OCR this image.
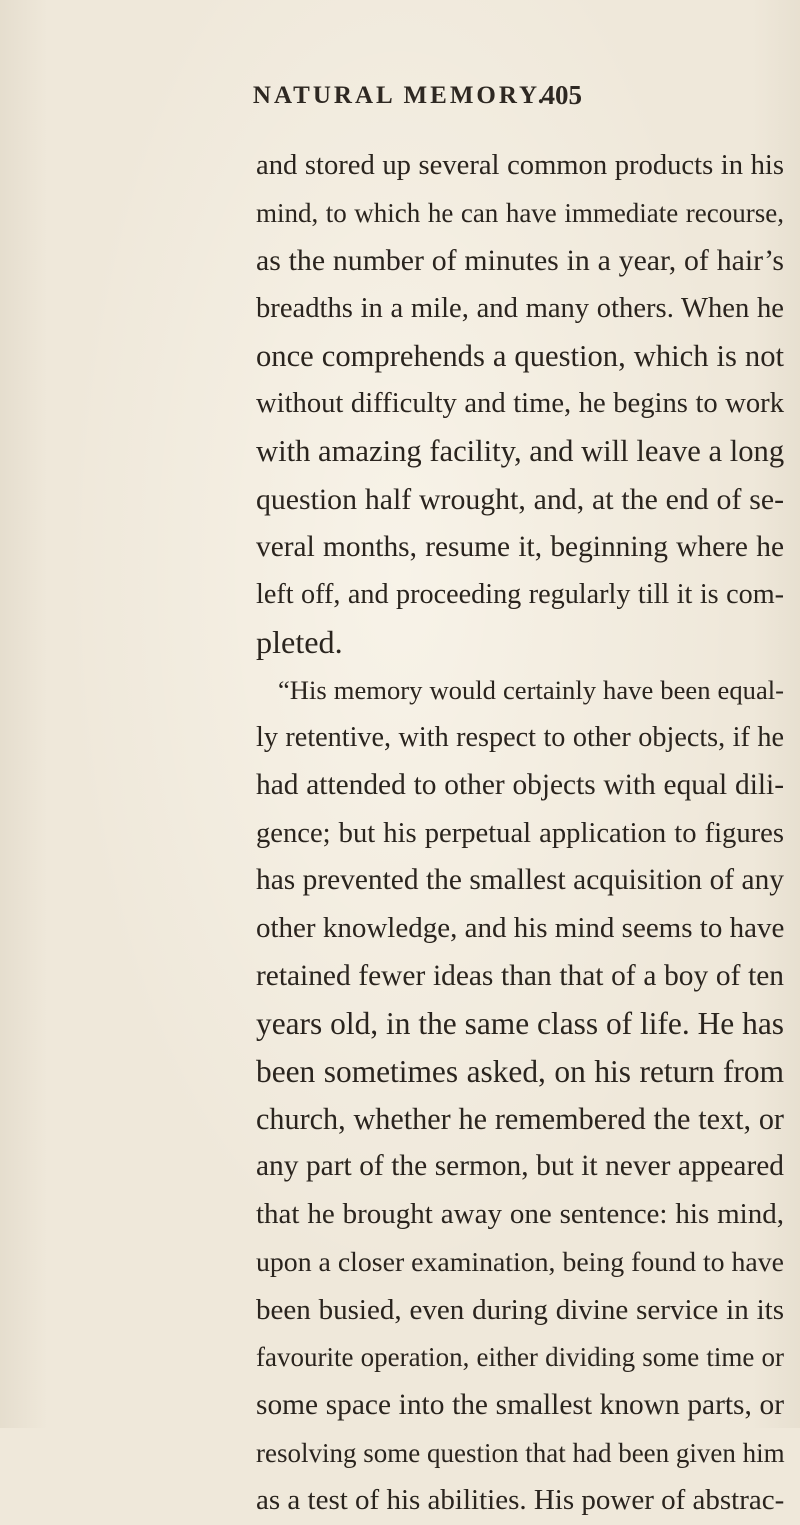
NATURAL MEMORY.
405
and stored up several common products in his
mind, to which he can have immediate recourse,
as the number of minutes in a year, of hair’s
breadths in a mile, and many others. When he
once comprehends a question, which is not
without difficulty and time, he begins to work
with amazing facility, and will leave a long
question half wrought, and, at the end of se-
veral months, resume it, beginning where he
left off, and proceeding regularly till it is com-
pleted.
“His memory would certainly have been equal-
ly retentive, with respect to other objects, if he
had attended to other objects with equal dili-
gence; but his perpetual application to figures
has prevented the smallest acquisition of any
other knowledge, and his mind seems to have
retained fewer ideas than that of a boy of ten
years old, in the same class of life. He has
been sometimes asked, on his return from
church, whether he remembered the text, or
any part of the sermon, but it never appeared
that he brought away one sentence: his mind,
upon a closer examination, being found to have
been busied, even during divine service in its
favourite operation, either dividing some time or
some space into the smallest known parts, or
resolving some question that had been given him
as a test of his abilities. His power of abstrac-
